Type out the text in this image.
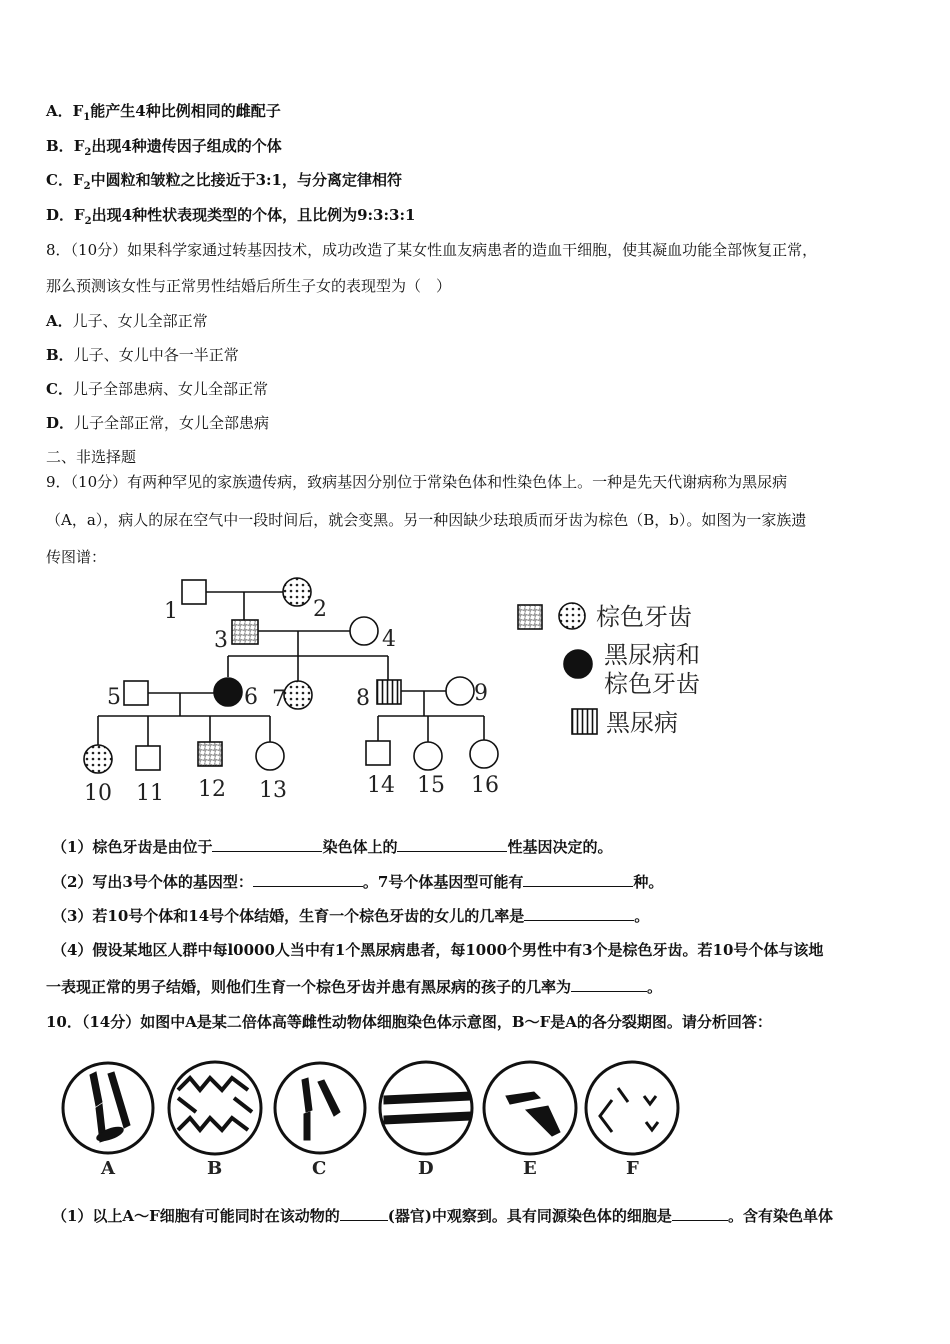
A．$F_1$能产生4种比例相同的雌配子
B．$F_2$出现4种遗传因子组成的个体
C．$F_2$中圆粒和皱粒之比接近于3:1，与分离定律相符
D．$F_2$出现4种性状表现类型的个体，且比例为9:3:3:1
8．（10分）如果科学家通过转基因技术，成功改造了某女性血友病患者的造血干细胞，使其凝血功能全部恢复正常，
那么预测该女性与正常男性结婚后所生子女的表现型为（　）
A．儿子、女儿全部正常
B．儿子、女儿中各一半正常
C．儿子全部患病、女儿全部正常
D．儿子全部正常，女儿全部患病
二、非选择题
9．（10分）有两种罕见的家族遗传病，致病基因分别位于常染色体和性染色体上。一种是先天代谢病称为黑尿病
（A，a），病人的尿在空气中一段时间后，就会变黑。另一种因缺少珐琅质而牙齿为棕色（B，b）。如图为一家族遗
传图谱：
1	2
3	4
5	6 7	8	9
10 11 12 13	14 15 16
棕色牙齿
黑尿病和
棕色牙齿
黑尿病
（1）棕色牙齿是由位于	染色体上的	性基因决定的。
（2）写出3号个体的基因型：	。7号个体基因型可能有	种。
（3）若10号个体和14号个体结婚，生育一个棕色牙齿的女儿的几率是	。
（4）假设某地区人群中每l0000人当中有1个黑尿病患者，每1000个男性中有3个是棕色牙齿。若10号个体与该地
一表现正常的男子结婚，则他们生育一个棕色牙齿并患有黑尿病的孩子的几率为	。
10．（14分）如图中A是某二倍体高等雌性动物体细胞染色体示意图，B～F是A的各分裂期图。请分析回答：
A	B	C	D	E	F
（1）以上A～F细胞有可能同时在该动物的	(器官)中观察到。具有同源染色体的细胞是	。含有染色单体
